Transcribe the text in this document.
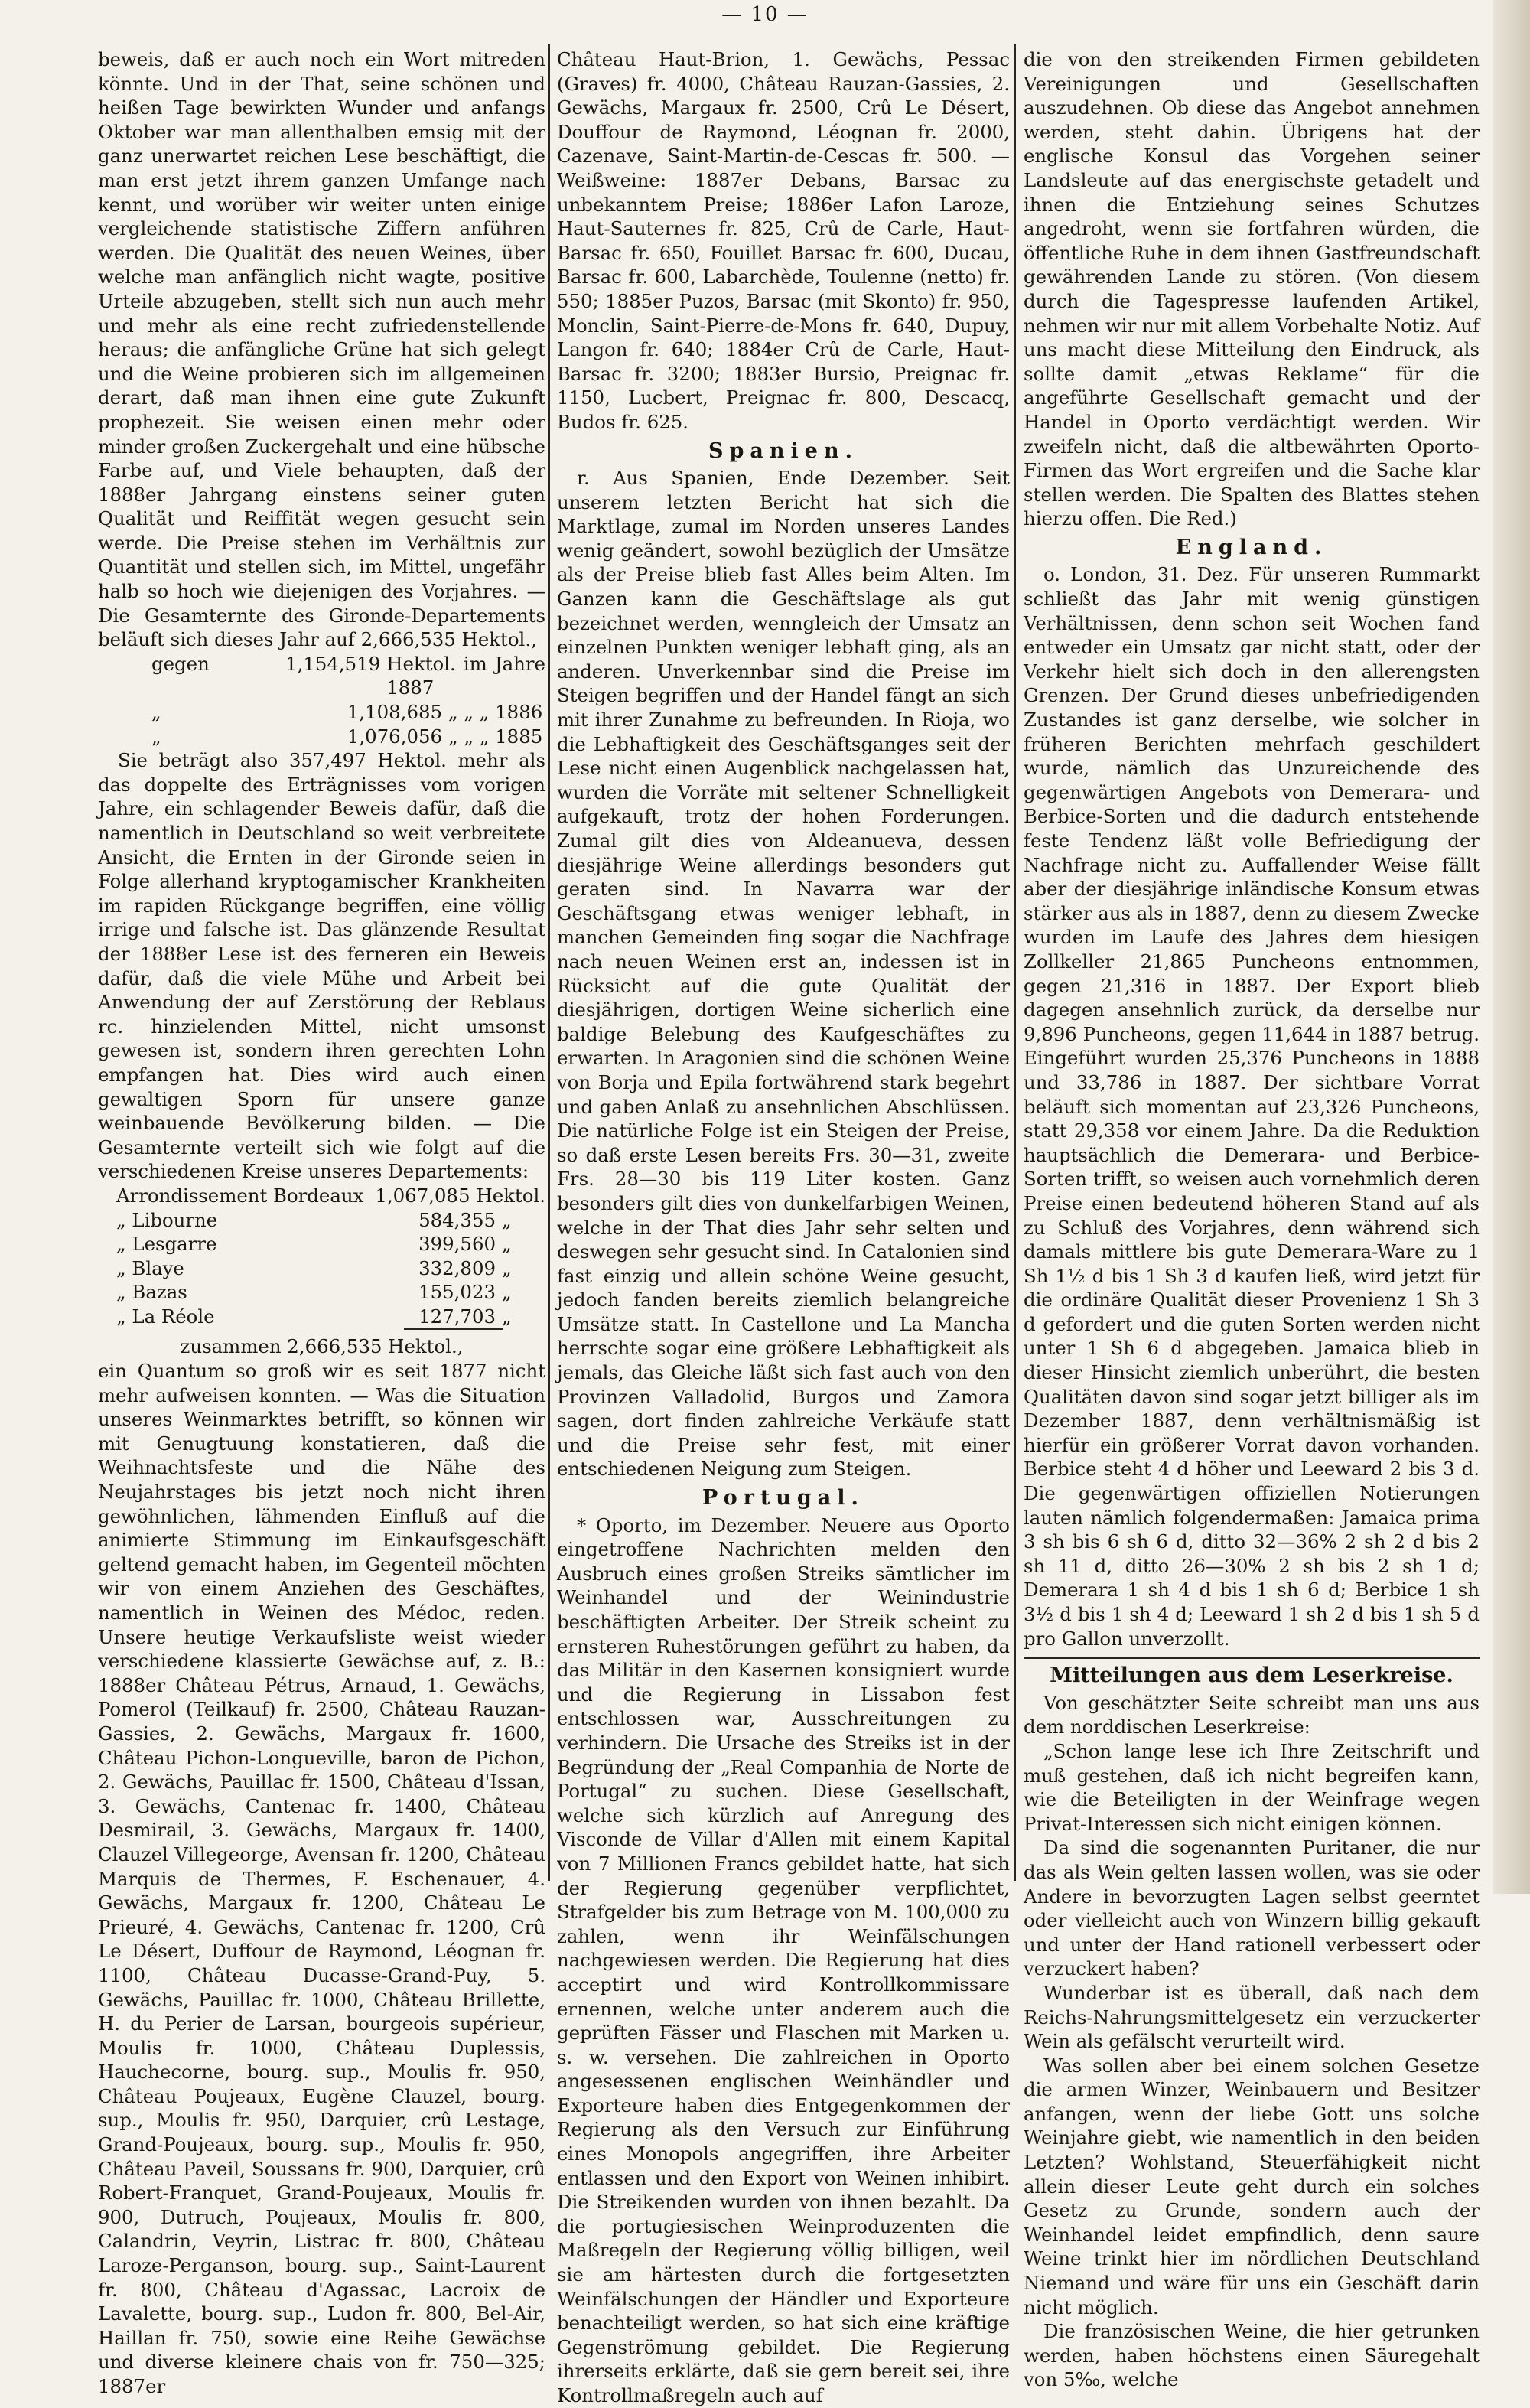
— 10 —

beweis, daß er auch noch ein Wort mitreden könnte. Und in der That, seine schönen und heißen Tage bewirkten Wunder und anfangs Oktober war man allenthalben emsig mit der ganz unerwartet reichen Lese beschäftigt, die man erst jetzt ihrem ganzen Umfange nach kennt, und worüber wir weiter unten einige vergleichende statistische Ziffern anführen werden. Die Qualität des neuen Weines, über welche man anfänglich nicht wagte, positive Urteile abzugeben, stellt sich nun auch mehr und mehr als eine recht zufriedenstellende heraus; die anfängliche Grüne hat sich gelegt und die Weine probieren sich im allgemeinen derart, daß man ihnen eine gute Zukunft prophezeit. Sie weisen einen mehr oder minder großen Zuckergehalt und eine hübsche Farbe auf, und Viele behaupten, daß der 1888er Jahrgang einstens seiner guten Qualität und Reiffität wegen gesucht sein werde. Die Preise stehen im Verhältnis zur Quantität und stellen sich, im Mittel, ungefähr halb so hoch wie diejenigen des Vorjahres. — Die Gesamternte des Gironde-Departements beläuft sich dieses Jahr auf 2,666,535 Hektol.,

gegen	1,154,519 Hektol. im Jahre 1887
„	1,108,685 „ „ „ 1886
„	1,076,056 „ „ „ 1885

Sie beträgt also 357,497 Hektol. mehr als das doppelte des Erträgnisses vom vorigen Jahre, ein schlagender Beweis dafür, daß die namentlich in Deutschland so weit verbreitete Ansicht, die Ernten in der Gironde seien in Folge allerhand kryptogamischer Krankheiten im rapiden Rückgange begriffen, eine völlig irrige und falsche ist. Das glänzende Resultat der 1888er Lese ist des ferneren ein Beweis dafür, daß die viele Mühe und Arbeit bei Anwendung der auf Zerstörung der Reblaus rc. hinzielenden Mittel, nicht umsonst gewesen ist, sondern ihren gerechten Lohn empfangen hat. Dies wird auch einen gewaltigen Sporn für unsere ganze weinbauende Bevölkerung bilden. — Die Gesamternte verteilt sich wie folgt auf die verschiedenen Kreise unseres Departements:

Arrondissement Bordeaux 1,067,085 Hektol.
„ Libourne	584,355 „
„ Lesgarre	399,560 „
„ Blaye	332,809 „
„ Bazas	155,023 „
„ La Réole	127,703 „

zusammen 2,666,535 Hektol.,

ein Quantum so groß wir es seit 1877 nicht mehr aufweisen konnten. — Was die Situation unseres Weinmarktes betrifft, so können wir mit Genugtuung konstatieren, daß die Weihnachtsfeste und die Nähe des Neujahrstages bis jetzt noch nicht ihren gewöhnlichen, lähmenden Einfluß auf die animierte Stimmung im Einkaufsgeschäft geltend gemacht haben, im Gegenteil möchten wir von einem Anziehen des Geschäftes, namentlich in Weinen des Médoc, reden. Unsere heutige Verkaufsliste weist wieder verschiedene klassierte Gewächse auf, z. B.: 1888er Château Pétrus, Arnaud, 1. Gewächs, Pomerol (Teilkauf) fr. 2500, Château Rauzan-Gassies, 2. Gewächs, Margaux fr. 1600, Château Pichon-Longueville, baron de Pichon, 2. Gewächs, Pauillac fr. 1500, Château d'Issan, 3. Gewächs, Cantenac fr. 1400, Château Desmirail, 3. Gewächs, Margaux fr. 1400, Clauzel Villegeorge, Avensan fr. 1200, Château Marquis de Thermes, F. Eschenauer, 4. Gewächs, Margaux fr. 1200, Château Le Prieuré, 4. Gewächs, Cantenac fr. 1200, Crû Le Désert, Duffour de Raymond, Léognan fr. 1100, Château Ducasse-Grand-Puy, 5. Gewächs, Pauillac fr. 1000, Château Brillette, H. du Perier de Larsan, bourgeois supérieur, Moulis fr. 1000, Château Duplessis, Hauchecorne, bourg. sup., Moulis fr. 950, Château Poujeaux, Eugène Clauzel, bourg. sup., Moulis fr. 950, Darquier, crû Lestage, Grand-Poujeaux, bourg. sup., Moulis fr. 950, Château Paveil, Soussans fr. 900, Darquier, crû Robert-Franquet, Grand-Poujeaux, Moulis fr. 900, Dutruch, Poujeaux, Moulis fr. 800, Calandrin, Veyrin, Listrac fr. 800, Château Laroze-Perganson, bourg. sup., Saint-Laurent fr. 800, Château d'Agassac, Lacroix de Lavalette, bourg. sup., Ludon fr. 800, Bel-Air, Haillan fr. 750, sowie eine Reihe Gewächse und diverse kleinere chais von fr. 750—325; 1887er

Château Haut-Brion, 1. Gewächs, Pessac (Graves) fr. 4000, Château Rauzan-Gassies, 2. Gewächs, Margaux fr. 2500, Crû Le Désert, Douffour de Raymond, Léognan fr. 2000, Cazenave, Saint-Martin-de-Cescas fr. 500. — Weißweine: 1887er Debans, Barsac zu unbekanntem Preise; 1886er Lafon Laroze, Haut-Sauternes fr. 825, Crû de Carle, Haut-Barsac fr. 650, Fouillet Barsac fr. 600, Ducau, Barsac fr. 600, Labarchède, Toulenne (netto) fr. 550; 1885er Puzos, Barsac (mit Skonto) fr. 950, Monclin, Saint-Pierre-de-Mons fr. 640, Dupuy, Langon fr. 640; 1884er Crû de Carle, Haut-Barsac fr. 3200; 1883er Bursio, Preignac fr. 1150, Lucbert, Preignac fr. 800, Descacq, Budos fr. 625.

Spanien.

r. Aus Spanien, Ende Dezember. Seit unserem letzten Bericht hat sich die Marktlage, zumal im Norden unseres Landes wenig geändert, sowohl bezüglich der Umsätze als der Preise blieb fast Alles beim Alten. Im Ganzen kann die Geschäftslage als gut bezeichnet werden, wenngleich der Umsatz an einzelnen Punkten weniger lebhaft ging, als an anderen. Unverkennbar sind die Preise im Steigen begriffen und der Handel fängt an sich mit ihrer Zunahme zu befreunden. In Rioja, wo die Lebhaftigkeit des Geschäftsganges seit der Lese nicht einen Augenblick nachgelassen hat, wurden die Vorräte mit seltener Schnelligkeit aufgekauft, trotz der hohen Forderungen. Zumal gilt dies von Aldeanueva, dessen diesjährige Weine allerdings besonders gut geraten sind. In Navarra war der Geschäftsgang etwas weniger lebhaft, in manchen Gemeinden fing sogar die Nachfrage nach neuen Weinen erst an, indessen ist in Rücksicht auf die gute Qualität der diesjährigen, dortigen Weine sicherlich eine baldige Belebung des Kaufgeschäftes zu erwarten. In Aragonien sind die schönen Weine von Borja und Epila fortwährend stark begehrt und gaben Anlaß zu ansehnlichen Abschlüssen. Die natürliche Folge ist ein Steigen der Preise, so daß erste Lesen bereits Frs. 30—31, zweite Frs. 28—30 bis 119 Liter kosten. Ganz besonders gilt dies von dunkelfarbigen Weinen, welche in der That dies Jahr sehr selten und deswegen sehr gesucht sind. In Catalonien sind fast einzig und allein schöne Weine gesucht, jedoch fanden bereits ziemlich belangreiche Umsätze statt. In Castellone und La Mancha herrschte sogar eine größere Lebhaftigkeit als jemals, das Gleiche läßt sich fast auch von den Provinzen Valladolid, Burgos und Zamora sagen, dort finden zahlreiche Verkäufe statt und die Preise sehr fest, mit einer entschiedenen Neigung zum Steigen.

Portugal.

* Oporto, im Dezember. Neuere aus Oporto eingetroffene Nachrichten melden den Ausbruch eines großen Streiks sämtlicher im Weinhandel und der Weinindustrie beschäftigten Arbeiter. Der Streik scheint zu ernsteren Ruhestörungen geführt zu haben, da das Militär in den Kasernen konsigniert wurde und die Regierung in Lissabon fest entschlossen war, Ausschreitungen zu verhindern. Die Ursache des Streiks ist in der Begründung der „Real Companhia de Norte de Portugal“ zu suchen. Diese Gesellschaft, welche sich kürzlich auf Anregung des Visconde de Villar d'Allen mit einem Kapital von 7 Millionen Francs gebildet hatte, hat sich der Regierung gegenüber verpflichtet, Strafgelder bis zum Betrage von M. 100,000 zu zahlen, wenn ihr Weinfälschungen nachgewiesen werden. Die Regierung hat dies acceptirt und wird Kontrollkommissare ernennen, welche unter anderem auch die geprüften Fässer und Flaschen mit Marken u. s. w. versehen. Die zahlreichen in Oporto angesessenen englischen Weinhändler und Exporteure haben dies Entgegenkommen der Regierung als den Versuch zur Einführung eines Monopols angegriffen, ihre Arbeiter entlassen und den Export von Weinen inhibirt. Die Streikenden wurden von ihnen bezahlt. Da die portugiesischen Weinproduzenten die Maßregeln der Regierung völlig billigen, weil sie am härtesten durch die fortgesetzten Weinfälschungen der Händler und Exporteure benachteiligt werden, so hat sich eine kräftige Gegenströmung gebildet. Die Regierung ihrerseits erklärte, daß sie gern bereit sei, ihre Kontrollmaßregeln auch auf

die von den streikenden Firmen gebildeten Vereinigungen und Gesellschaften auszudehnen. Ob diese das Angebot annehmen werden, steht dahin. Übrigens hat der englische Konsul das Vorgehen seiner Landsleute auf das energischste getadelt und ihnen die Entziehung seines Schutzes angedroht, wenn sie fortfahren würden, die öffentliche Ruhe in dem ihnen Gastfreundschaft gewährenden Lande zu stören. (Von diesem durch die Tagespresse laufenden Artikel, nehmen wir nur mit allem Vorbehalte Notiz. Auf uns macht diese Mitteilung den Eindruck, als sollte damit „etwas Reklame“ für die angeführte Gesellschaft gemacht und der Handel in Oporto verdächtigt werden. Wir zweifeln nicht, daß die altbewährten Oporto-Firmen das Wort ergreifen und die Sache klar stellen werden. Die Spalten des Blattes stehen hierzu offen. Die Red.)

England.

o. London, 31. Dez. Für unseren Rummarkt schließt das Jahr mit wenig günstigen Verhältnissen, denn schon seit Wochen fand entweder ein Umsatz gar nicht statt, oder der Verkehr hielt sich doch in den allerengsten Grenzen. Der Grund dieses unbefriedigenden Zustandes ist ganz derselbe, wie solcher in früheren Berichten mehrfach geschildert wurde, nämlich das Unzureichende des gegenwärtigen Angebots von Demerara- und Berbice-Sorten und die dadurch entstehende feste Tendenz läßt volle Befriedigung der Nachfrage nicht zu. Auffallender Weise fällt aber der diesjährige inländische Konsum etwas stärker aus als in 1887, denn zu diesem Zwecke wurden im Laufe des Jahres dem hiesigen Zollkeller 21,865 Puncheons entnommen, gegen 21,316 in 1887. Der Export blieb dagegen ansehnlich zurück, da derselbe nur 9,896 Puncheons, gegen 11,644 in 1887 betrug. Eingeführt wurden 25,376 Puncheons in 1888 und 33,786 in 1887. Der sichtbare Vorrat beläuft sich momentan auf 23,326 Puncheons, statt 29,358 vor einem Jahre. Da die Reduktion hauptsächlich die Demerara- und Berbice-Sorten trifft, so weisen auch vornehmlich deren Preise einen bedeutend höheren Stand auf als zu Schluß des Vorjahres, denn während sich damals mittlere bis gute Demerara-Ware zu 1 Sh 1½ d bis 1 Sh 3 d kaufen ließ, wird jetzt für die ordinäre Qualität dieser Provenienz 1 Sh 3 d gefordert und die guten Sorten werden nicht unter 1 Sh 6 d abgegeben. Jamaica blieb in dieser Hinsicht ziemlich unberührt, die besten Qualitäten davon sind sogar jetzt billiger als im Dezember 1887, denn verhältnismäßig ist hierfür ein größerer Vorrat davon vorhanden. Berbice steht 4 d höher und Leeward 2 bis 3 d. Die gegenwärtigen offiziellen Notierungen lauten nämlich folgendermaßen: Jamaica prima 3 sh bis 6 sh 6 d, ditto 32—36% 2 sh 2 d bis 2 sh 11 d, ditto 26—30% 2 sh bis 2 sh 1 d; Demerara 1 sh 4 d bis 1 sh 6 d; Berbice 1 sh 3½ d bis 1 sh 4 d; Leeward 1 sh 2 d bis 1 sh 5 d pro Gallon unverzollt.

Mitteilungen aus dem Leserkreise.

Von geschätzter Seite schreibt man uns aus dem norddischen Leserkreise:

„Schon lange lese ich Ihre Zeitschrift und muß gestehen, daß ich nicht begreifen kann, wie die Beteiligten in der Weinfrage wegen Privat-Interessen sich nicht einigen können.

Da sind die sogenannten Puritaner, die nur das als Wein gelten lassen wollen, was sie oder Andere in bevorzugten Lagen selbst geerntet oder vielleicht auch von Winzern billig gekauft und unter der Hand rationell verbessert oder verzuckert haben?

Wunderbar ist es überall, daß nach dem Reichs-Nahrungsmittelgesetz ein verzuckerter Wein als gefälscht verurteilt wird.

Was sollen aber bei einem solchen Gesetze die armen Winzer, Weinbauern und Besitzer anfangen, wenn der liebe Gott uns solche Weinjahre giebt, wie namentlich in den beiden Letzten? Wohlstand, Steuerfähigkeit nicht allein dieser Leute geht durch ein solches Gesetz zu Grunde, sondern auch der Weinhandel leidet empfindlich, denn saure Weine trinkt hier im nördlichen Deutschland Niemand und wäre für uns ein Geschäft darin nicht möglich.

Die französischen Weine, die hier getrunken werden, haben höchstens einen Säuregehalt von 5‰, welche
